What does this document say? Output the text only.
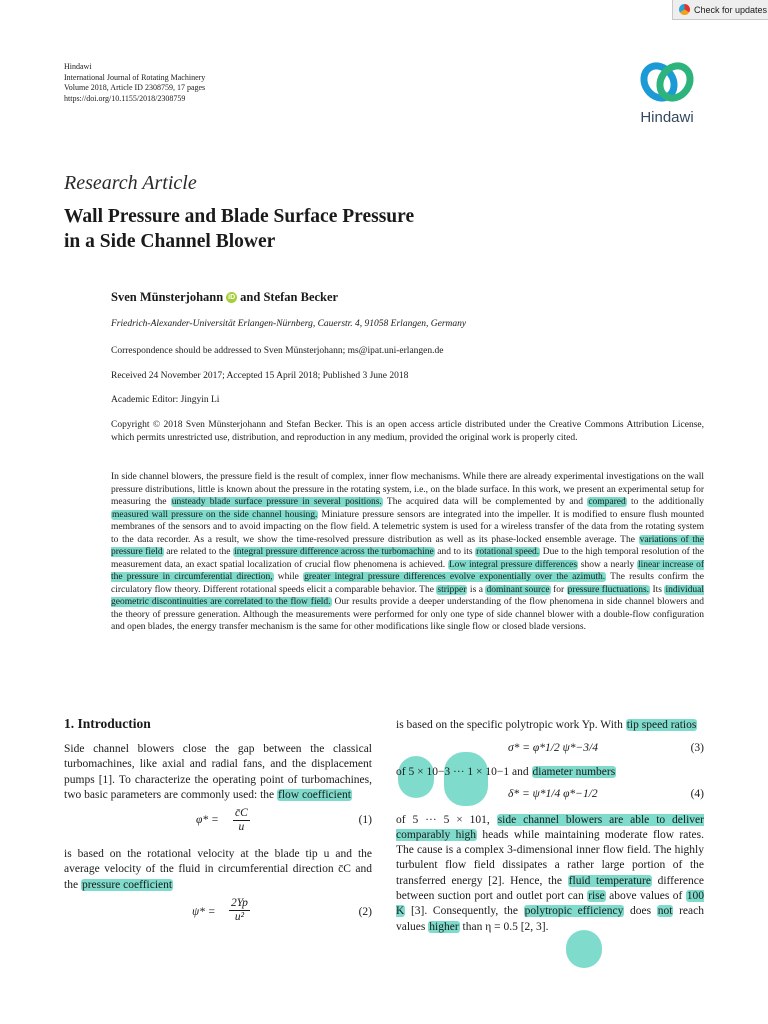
Check for updates
Hindawi
International Journal of Rotating Machinery
Volume 2018, Article ID 2308759, 17 pages
https://doi.org/10.1155/2018/2308759
Hindawi
Research Article
Wall Pressure and Blade Surface Pressure
in a Side Channel Blower
Sven Münsterjohann iD and Stefan Becker
Friedrich-Alexander-Universität Erlangen-Nürnberg, Cauerstr. 4, 91058 Erlangen, Germany
Correspondence should be addressed to Sven Münsterjohann; ms@ipat.uni-erlangen.de
Received 24 November 2017; Accepted 15 April 2018; Published 3 June 2018
Academic Editor: Jingyin Li
Copyright © 2018 Sven Münsterjohann and Stefan Becker. This is an open access article distributed under the Creative Commons Attribution License, which permits unrestricted use, distribution, and reproduction in any medium, provided the original work is properly cited.
In side channel blowers, the pressure field is the result of complex, inner flow mechanisms. While there are already experimental investigations on the wall pressure distributions, little is known about the pressure in the rotating system, i.e., on the blade surface. In this work, we present an experimental setup for measuring the unsteady blade surface pressure in several positions. The acquired data will be complemented by and compared to the additionally measured wall pressure on the side channel housing. Miniature pressure sensors are integrated into the impeller. It is modified to ensure flush mounted membranes of the sensors and to avoid impacting on the flow field. A telemetric system is used for a wireless transfer of the data from the rotating system to the data recorder. As a result, we show the time-resolved pressure distribution as well as its phase-locked ensemble average. The variations of the pressure field are related to the integral pressure difference across the turbomachine and to its rotational speed. Due to the high temporal resolution of the measurement data, an exact spatial localization of crucial flow phenomena is achieved. Low integral pressure differences show a nearly linear increase of the pressure in circumferential direction, while greater integral pressure differences evolve exponentially over the azimuth. The results confirm the circulatory flow theory. Different rotational speeds elicit a comparable behavior. The stripper is a dominant source for pressure fluctuations. Its individual geometric discontinuities are correlated to the flow field. Our results provide a deeper understanding of the flow phenomena in side channel blowers and the theory of pressure generation. Although the measurements were performed for only one type of side channel blower with a double-flow configuration and open blades, the energy transfer mechanism is the same for other modifications like single flow or closed blade versions.
1. Introduction
Side channel blowers close the gap between the classical turbomachines, like axial and radial fans, and the displacement pumps [1]. To characterize the operating point of turbomachines, two basic parameters are commonly used: the flow coefficient
$\varphi* = \frac{c̄C}{u}$	(1)
is based on the rotational velocity at the blade tip u and the average velocity of the fluid in circumferential direction c̄C and the pressure coefficient
$\psi* = \frac{2Yp}{\text{u²}}$	(2)
is based on the specific polytropic work Yp. With tip speed ratios
σ* = φ*1/2 ψ*−3/4	(3)
of 5 × 10−3 ··· 1 × 10−1 and diameter numbers
δ* = ψ*1/4 φ*−1/2	(4)
of 5 ··· 5 × 101, side channel blowers are able to deliver comparably high heads while maintaining moderate flow rates. The cause is a complex 3-dimensional inner flow field. The highly turbulent flow field dissipates a rather large portion of the transferred energy [2]. Hence, the fluid temperature difference between suction port and outlet port can rise above values of 100 K [3]. Consequently, the polytropic efficiency does not reach values higher than η = 0.5 [2, 3].
